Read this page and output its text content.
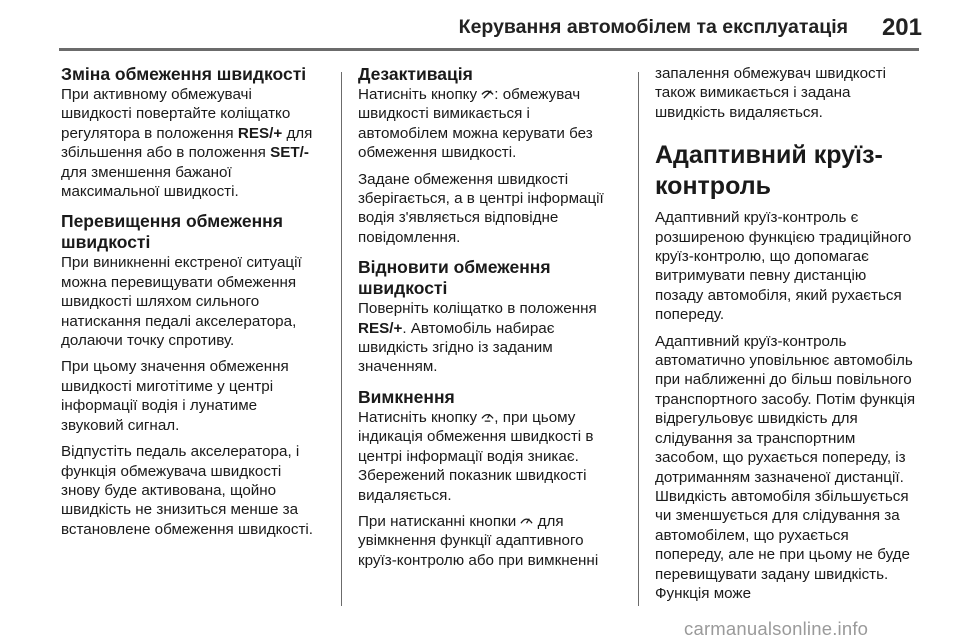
Керування автомобілем та експлуатація 201
Зміна обмеження швидкості

При активному обмежувачі швидкості повертайте коліщатко регулятора в положення RES/+ для збільшення або в положення SET/- для зменшення бажаної максимальної швидкості.

Перевищення обмеження швидкості

При виникненні екстреної ситуації можна перевищувати обмеження швидкості шляхом сильного натискання педалі акселератора, долаючи точку спротиву.

При цьому значення обмеження швидкості миготітиме у центрі інформації водія і лунатиме звуковий сигнал.

Відпустіть педаль акселератора, і функція обмежувача швидкості знову буде активована, щойно швидкість не знизиться менше за встановлене обмеження швидкості.

Дезактивація

Натисніть кнопку : обмежувач швидкості вимикається і автомобілем можна керувати без обмеження швидкості.

Задане обмеження швидкості зберігається, а в центрі інформації водія з'являється відповідне повідомлення.

Відновити обмеження швидкості

Поверніть коліщатко в положення RES/+. Автомобіль набирає швидкість згідно із заданим значенням.

Вимкнення

Натисніть кнопку , при цьому індикація обмеження швидкості в центрі інформації водія зникає. Збережений показник швидкості видаляється.

При натисканні кнопки  для увімкнення функції адаптивного круїз-контролю або при вимкненні

запалення обмежувач швидкості також вимикається і задана швидкість видаляється.

Адаптивний круїз-контроль

Адаптивний круїз-контроль є розширеною функцією традиційного круїз-контролю, що допомагає витримувати певну дистанцію позаду автомобіля, який рухається попереду.

Адаптивний круїз-контроль автоматично уповільнює автомобіль при наближенні до більш повільного транспортного засобу. Потім функція відрегульовує швидкість для слідування за транспортним засобом, що рухається попереду, із дотриманням зазначеної дистанції. Швидкість автомобіля збільшується чи зменшується для слідування за автомобілем, що рухається попереду, але не при цьому не буде перевищувати задану швидкість. Функція може

carmanualsonline.info
